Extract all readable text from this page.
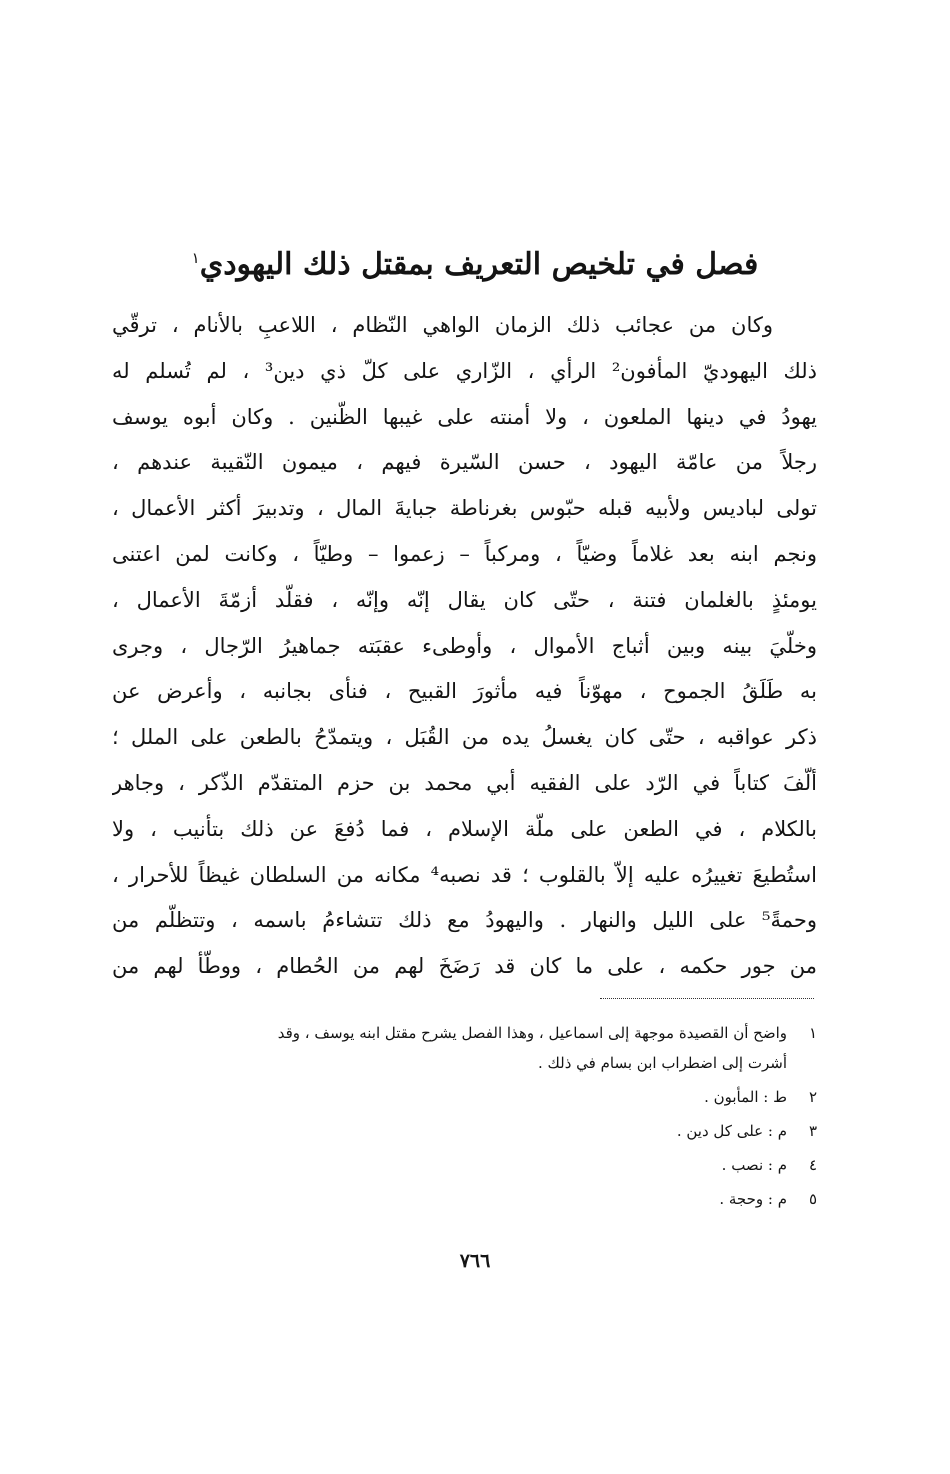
فصل في تلخيص التعريف بمقتل ذلك اليهودي$^١$
وكان من عجائب ذلك الزمان الواهي النّظام ، اللاعبِ بالأنام ، ترقّي
ذلك اليهوديّ المأفون² الرأي ، الزّاري على كلّ ذي دين³ ، لم تُسلم له
يهودُ في دينها الملعون ، ولا أمنته على غيبها الظّنين . وكان أبوه يوسف
رجلاً من عامّة اليهود ، حسن السّيرة فيهم ، ميمون النّقيبة عندهم ،
تولى لباديس ولأبيه قبله حبّوس بغرناطة جبايةَ المال ، وتدبيرَ أكثر الأعمال ،
ونجم ابنه بعد غلاماً وضيّاً ، ومركباً – زعموا – وطيّاً ، وكانت لمن اعتنى
يومئذٍ بالغلمان فتنة ، حتّى كان يقال إنّه وإنّه ، فقلّد أزمّةَ الأعمال ،
وخلّيَ بينه وبين أثباج الأموال ، وأوطىء عقبَته جماهيرُ الرّجال ، وجرى
به طَلَقُ الجموح ، مهوّناً فيه مأثورَ القبيح ، فنأى بجانبه ، وأعرض عن
ذكر عواقبه ، حتّى كان يغسلُ يده من القُبَل ، ويتمدّحُ بالطعن على الملل ؛
ألّفَ كتاباً في الرّد على الفقيه أبي محمد بن حزم المتقدّم الذّكر ، وجاهر
بالكلام ، في الطعن على ملّة الإسلام ، فما دُفعَ عن ذلك بتأنيب ، ولا
استُطيعَ تغييرُه عليه إلاّ بالقلوب ؛ قد نصبه⁴ مكانه من السلطان غيظاً للأحرار ،
وحمةً⁵ على الليل والنهار . واليهودُ مع ذلك تتشاءمُ باسمه ، وتتظلّم من
من جور حكمه ، على ما كان قد رَضَخَ لهم من الحُطام ، ووطّأ لهم من
١واضح أن القصيدة موجهة إلى اسماعيل ، وهذا الفصل يشرح مقتل ابنه يوسف ، وقد
أشرت إلى اضطراب ابن بسام في ذلك .
٢ط : المأبون .
٣م : على كل دين .
٤م : نصب .
٥م : وحجة .
٧٦٦
